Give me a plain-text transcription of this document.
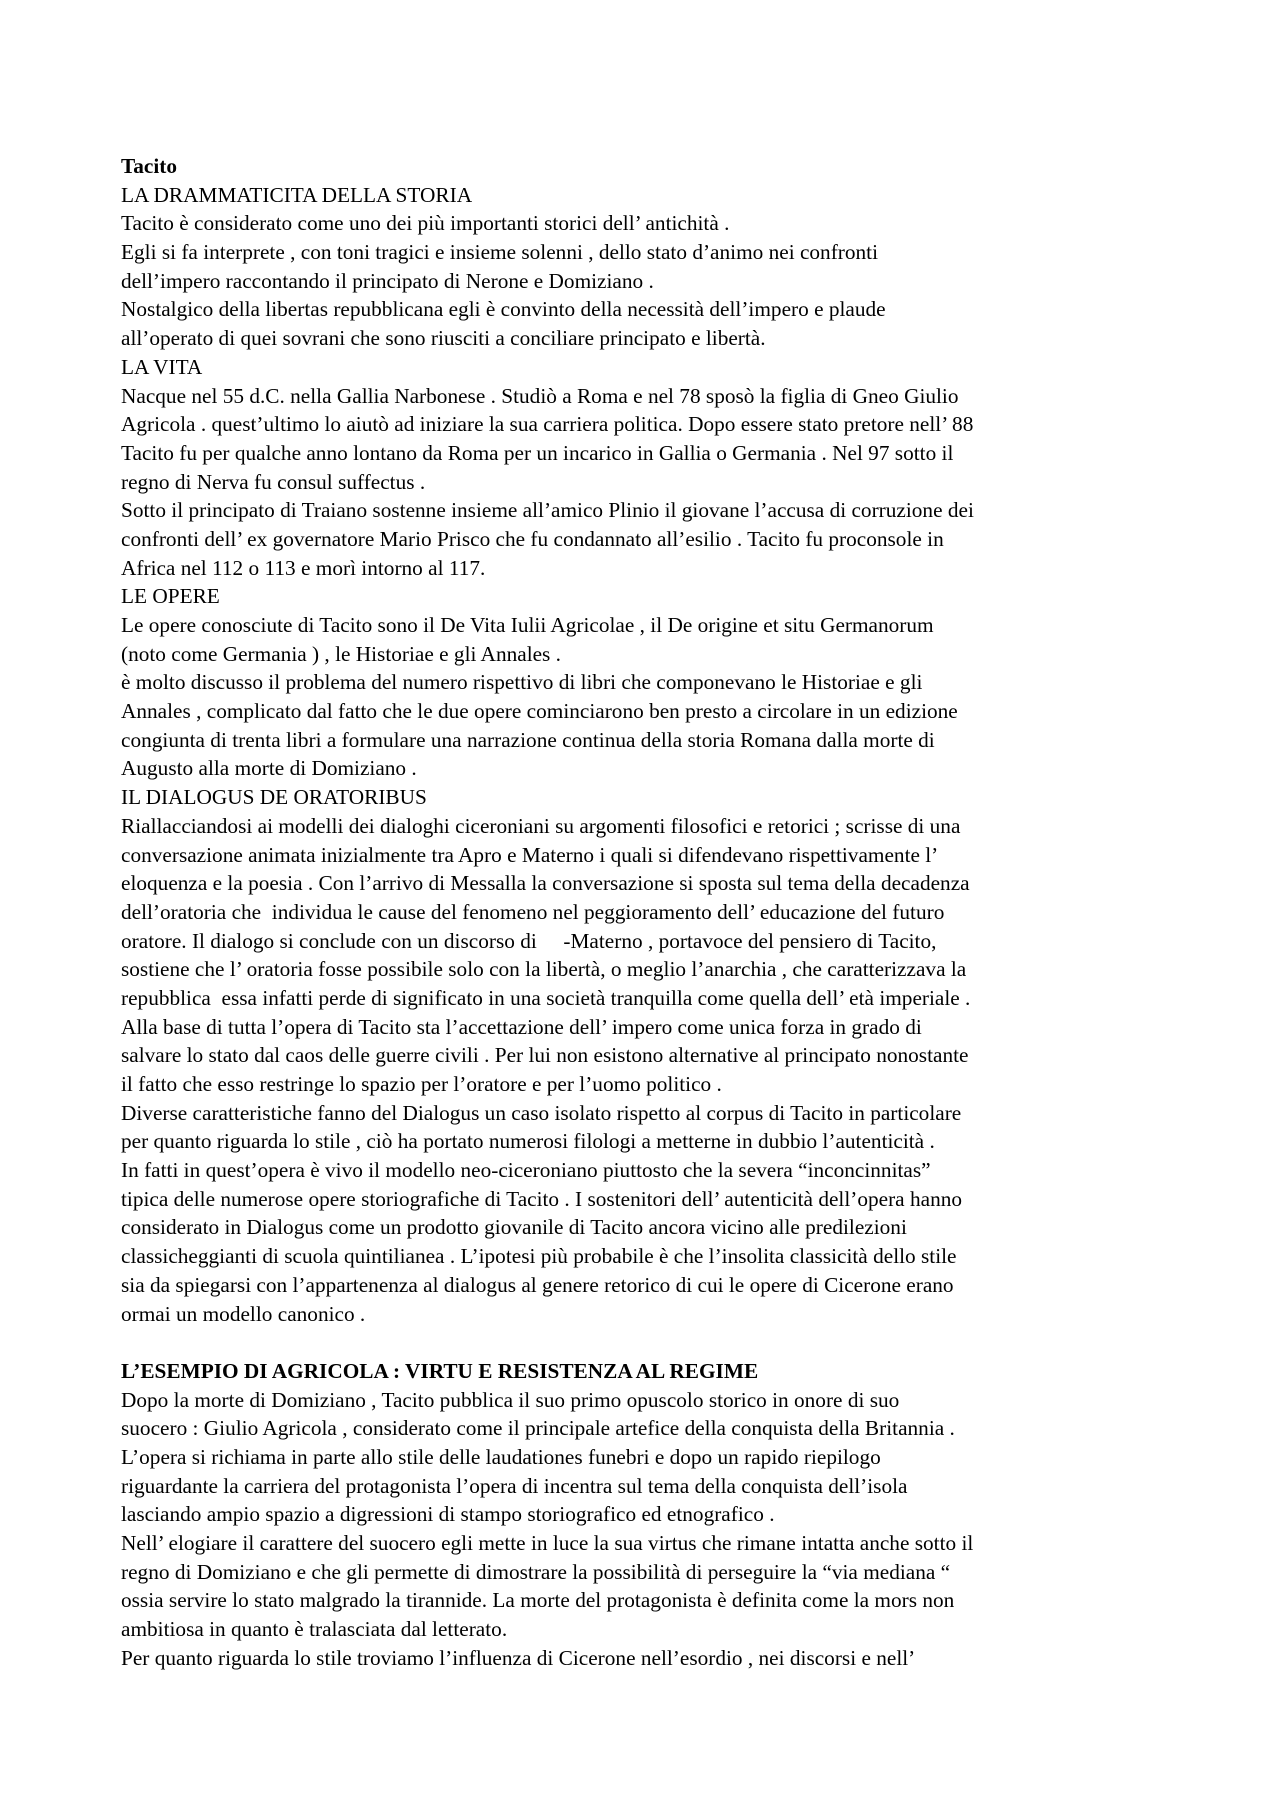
Tacito
LA DRAMMATICITA DELLA STORIA
Tacito è considerato come uno dei più importanti storici dell’ antichità .
Egli si fa interprete , con toni tragici e insieme solenni , dello stato d’animo nei confronti
dell’impero raccontando il principato di Nerone e Domiziano .
Nostalgico della libertas repubblicana egli è convinto della necessità dell’impero e plaude
all’operato di quei sovrani che sono riusciti a conciliare principato e libertà.
LA VITA
Nacque nel 55 d.C. nella Gallia Narbonese . Studiò a Roma e nel 78 sposò la figlia di Gneo Giulio
Agricola . quest’ultimo lo aiutò ad iniziare la sua carriera politica. Dopo essere stato pretore nell’ 88
Tacito fu per qualche anno lontano da Roma per un incarico in Gallia o Germania . Nel 97 sotto il
regno di Nerva fu consul suffectus .
Sotto il principato di Traiano sostenne insieme all’amico Plinio il giovane l’accusa di corruzione dei
confronti dell’ ex governatore Mario Prisco che fu condannato all’esilio . Tacito fu proconsole in
Africa nel 112 o 113 e morì intorno al 117.
LE OPERE
Le opere conosciute di Tacito sono il De Vita Iulii Agricolae , il De origine et situ Germanorum
(noto come Germania ) , le Historiae e gli Annales .
è molto discusso il problema del numero rispettivo di libri che componevano le Historiae e gli
Annales , complicato dal fatto che le due opere cominciarono ben presto a circolare in un edizione
congiunta di trenta libri a formulare una narrazione continua della storia Romana dalla morte di
Augusto alla morte di Domiziano .
IL DIALOGUS DE ORATORIBUS
Riallacciandosi ai modelli dei dialoghi ciceroniani su argomenti filosofici e retorici ; scrisse di una
conversazione animata inizialmente tra Apro e Materno i quali si difendevano rispettivamente l’
eloquenza e la poesia . Con l’arrivo di Messalla la conversazione si sposta sul tema della decadenza
dell’oratoria che  individua le cause del fenomeno nel peggioramento dell’ educazione del futuro
oratore. Il dialogo si conclude con un discorso di     -Materno , portavoce del pensiero di Tacito,
sostiene che l’ oratoria fosse possibile solo con la libertà, o meglio l’anarchia , che caratterizzava la
repubblica  essa infatti perde di significato in una società tranquilla come quella dell’ età imperiale .
Alla base di tutta l’opera di Tacito sta l’accettazione dell’ impero come unica forza in grado di
salvare lo stato dal caos delle guerre civili . Per lui non esistono alternative al principato nonostante
il fatto che esso restringe lo spazio per l’oratore e per l’uomo politico .
Diverse caratteristiche fanno del Dialogus un caso isolato rispetto al corpus di Tacito in particolare
per quanto riguarda lo stile , ciò ha portato numerosi filologi a metterne in dubbio l’autenticità .
In fatti in quest’opera è vivo il modello neo-ciceroniano piuttosto che la severa “inconcinnitas”
tipica delle numerose opere storiografiche di Tacito . I sostenitori dell’ autenticità dell’opera hanno
considerato in Dialogus come un prodotto giovanile di Tacito ancora vicino alle predilezioni
classicheggianti di scuola quintilianea . L’ipotesi più probabile è che l’insolita classicità dello stile
sia da spiegarsi con l’appartenenza al dialogus al genere retorico di cui le opere di Cicerone erano
ormai un modello canonico .
L’ESEMPIO DI AGRICOLA : VIRTU E RESISTENZA AL REGIME
Dopo la morte di Domiziano , Tacito pubblica il suo primo opuscolo storico in onore di suo
suocero : Giulio Agricola , considerato come il principale artefice della conquista della Britannia .
L’opera si richiama in parte allo stile delle laudationes funebri e dopo un rapido riepilogo
riguardante la carriera del protagonista l’opera di incentra sul tema della conquista dell’isola
lasciando ampio spazio a digressioni di stampo storiografico ed etnografico .
Nell’ elogiare il carattere del suocero egli mette in luce la sua virtus che rimane intatta anche sotto il
regno di Domiziano e che gli permette di dimostrare la possibilità di perseguire la “via mediana “
ossia servire lo stato malgrado la tirannide. La morte del protagonista è definita come la mors non
ambitiosa in quanto è tralasciata dal letterato.
Per quanto riguarda lo stile troviamo l’influenza di Cicerone nell’esordio , nei discorsi e nell’
